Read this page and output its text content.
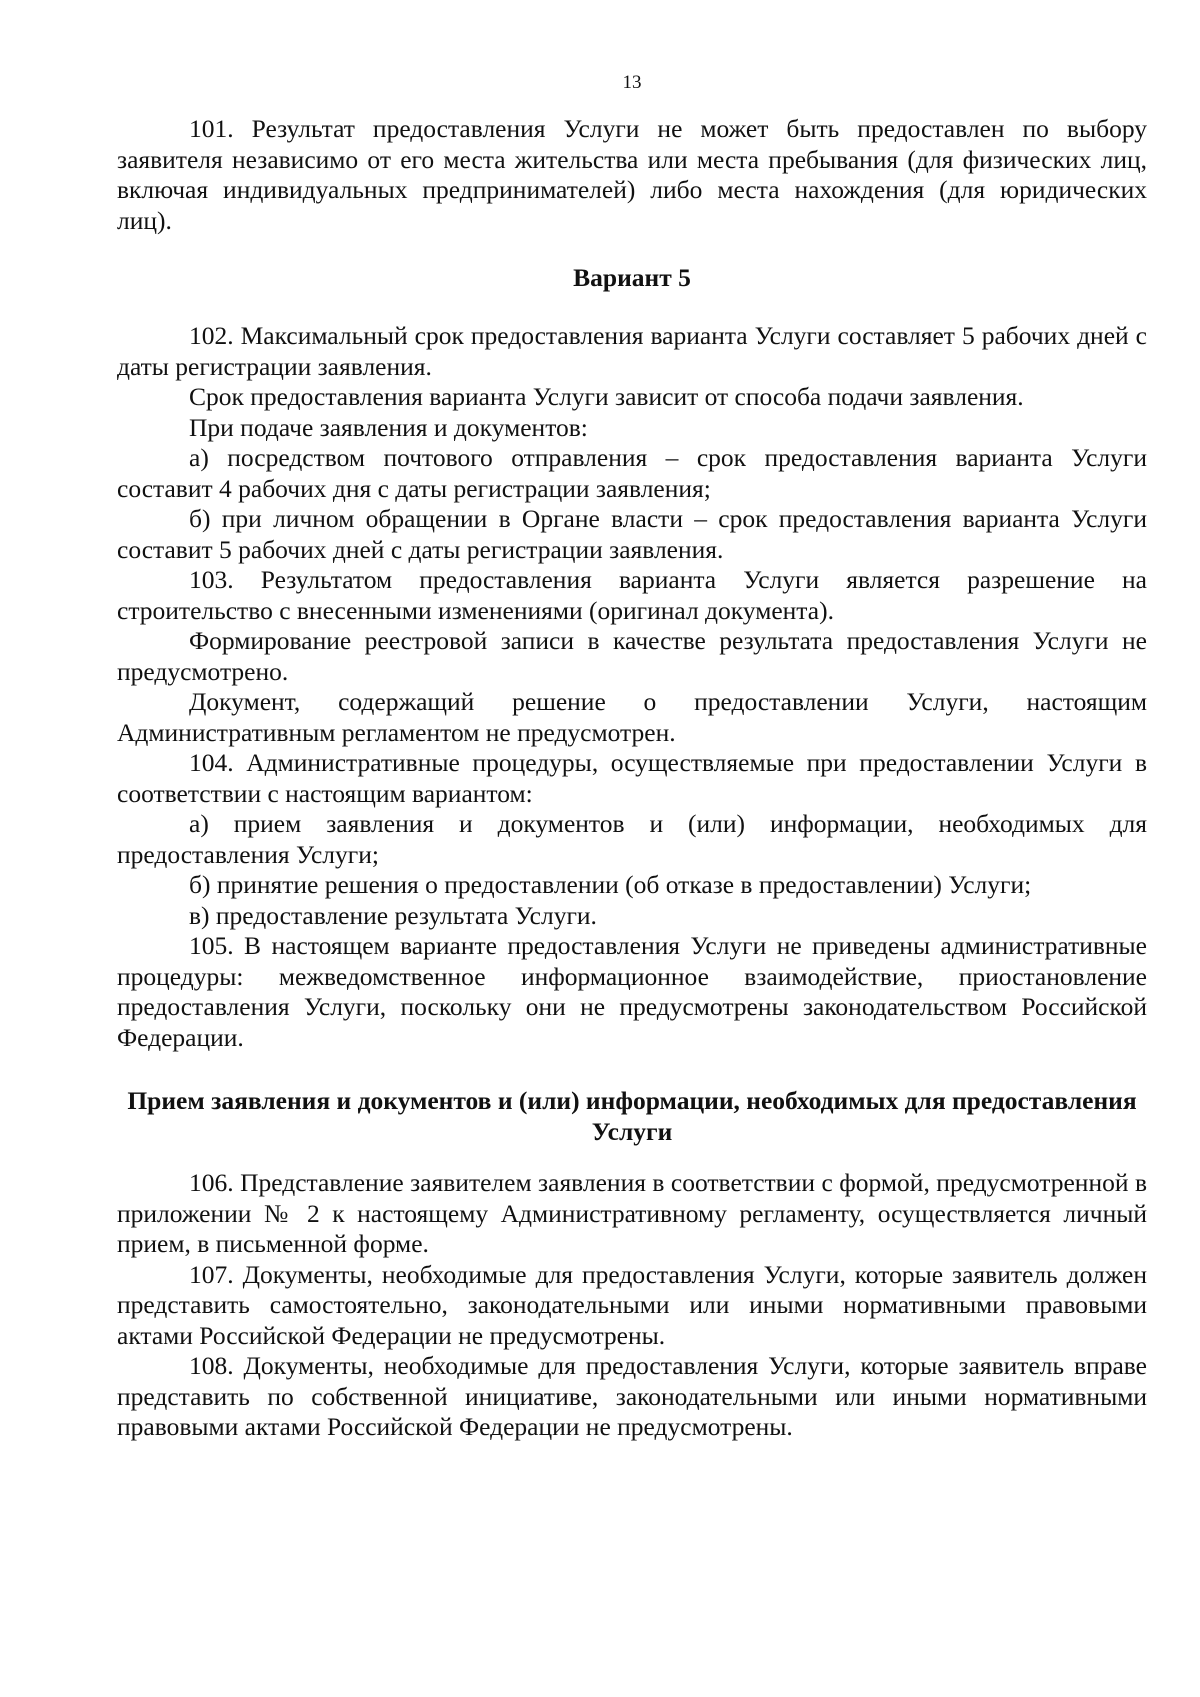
13

101. Результат предоставления Услуги не может быть предоставлен по выбору заявителя независимо от его места жительства или места пребывания (для физических лиц, включая индивидуальных предпринимателей) либо места нахождения (для юридических лиц).

Вариант 5

102. Максимальный срок предоставления варианта Услуги составляет 5 рабочих дней с даты регистрации заявления.

Срок предоставления варианта Услуги зависит от способа подачи заявления.

При подаче заявления и документов:

а) посредством почтового отправления – срок предоставления варианта Услуги составит 4 рабочих дня с даты регистрации заявления;

б) при личном обращении в Органе власти – срок предоставления варианта Услуги составит 5 рабочих дней с даты регистрации заявления.

103. Результатом предоставления варианта Услуги является разрешение на строительство с внесенными изменениями (оригинал документа).

Формирование реестровой записи в качестве результата предоставления Услуги не предусмотрено.

Документ, содержащий решение о предоставлении Услуги, настоящим Административным регламентом не предусмотрен.

104. Административные процедуры, осуществляемые при предоставлении Услуги в соответствии с настоящим вариантом:

а) прием заявления и документов и (или) информации, необходимых для предоставления Услуги;

б) принятие решения о предоставлении (об отказе в предоставлении) Услуги;

в) предоставление результата Услуги.

105. В настоящем варианте предоставления Услуги не приведены административные процедуры: межведомственное информационное взаимодействие, приостановление предоставления Услуги, поскольку они не предусмотрены законодательством Российской Федерации.

Прием заявления и документов и (или) информации, необходимых для предоставления Услуги

106. Представление заявителем заявления в соответствии с формой, предусмотренной в приложении № 2 к настоящему Административному регламенту, осуществляется личный прием, в письменной форме.

107. Документы, необходимые для предоставления Услуги, которые заявитель должен представить самостоятельно, законодательными или иными нормативными правовыми актами Российской Федерации не предусмотрены.

108. Документы, необходимые для предоставления Услуги, которые заявитель вправе представить по собственной инициативе, законодательными или иными нормативными правовыми актами Российской Федерации не предусмотрены.
